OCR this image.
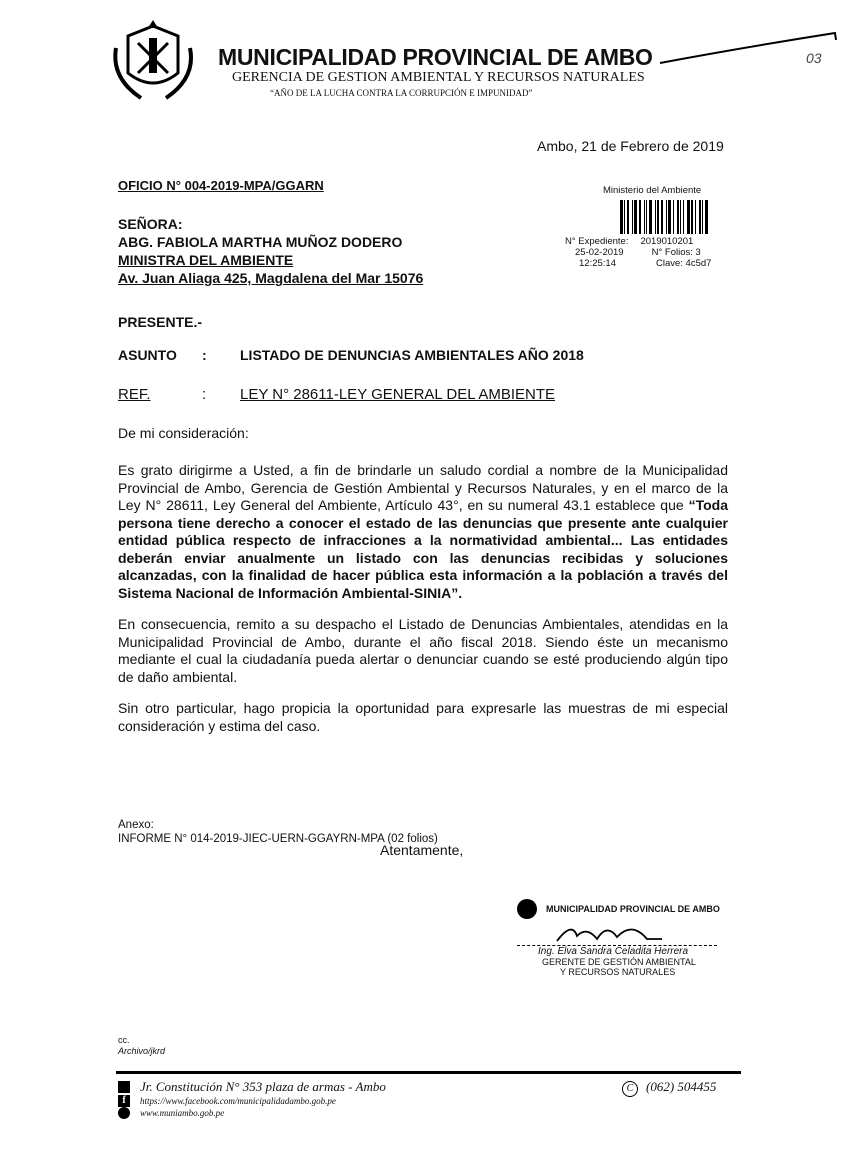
MUNICIPALIDAD PROVINCIAL DE AMBO	03
GERENCIA DE GESTION AMBIENTAL Y RECURSOS NATURALES
“AÑO DE LA LUCHA CONTRA LA CORRUPCIÓN E IMPUNIDAD”
Ambo, 21 de Febrero de 2019
OFICIO N° 004-2019-MPA/GGARN	Ministerio del Ambiente
N° Expediente: 2019010201
25-02-2019	N° Folios: 3
12:25:14	Clave: 4c5d7
SEÑORA:
ABG. FABIOLA MARTHA MUÑOZ DODERO
MINISTRA DEL AMBIENTE
Av. Juan Aliaga 425, Magdalena del Mar 15076
PRESENTE.-
ASUNTO : LISTADO DE DENUNCIAS AMBIENTALES AÑO 2018
REF.	: LEY N° 28611-LEY GENERAL DEL AMBIENTE
De mi consideración:

Es grato dirigirme a Usted, a fin de brindarle un saludo cordial a nombre de la Municipalidad Provincial de Ambo, Gerencia de Gestión Ambiental y Recursos Naturales, y en el marco de la Ley N° 28611, Ley General del Ambiente, Artículo 43°, en su numeral 43.1 establece que “Toda persona tiene derecho a conocer el estado de las denuncias que presente ante cualquier entidad pública respecto de infracciones a la normatividad ambiental... Las entidades deberán enviar anualmente un listado con las denuncias recibidas y soluciones alcanzadas, con la finalidad de hacer pública esta información a la población a través del Sistema Nacional de Información Ambiental-SINIA”.

En consecuencia, remito a su despacho el Listado de Denuncias Ambientales, atendidas en la Municipalidad Provincial de Ambo, durante el año fiscal 2018. Siendo éste un mecanismo mediante el cual la ciudadanía pueda alertar o denunciar cuando se esté produciendo algún tipo de daño ambiental.

Sin otro particular, hago propicia la oportunidad para expresarle las muestras de mi especial consideración y estima del caso.

Anexo:
INFORME N° 014-2019-JIEC-UERN-GGAYRN-MPA (02 folios)
Atentamente,
MUNICIPALIDAD PROVINCIAL DE AMBO
Ing. Elva Sandra Celadita Herrera
GERENTE DE GESTIÓN AMBIENTAL
Y RECURSOS NATURALES
cc.
Archivo/jkrd
Jr. Constitución N° 353 plaza de armas - Ambo
f	https://www.facebook.com/municipalidadambo.gob.pe
www.muniambo.gob.pe
C (062) 504455
